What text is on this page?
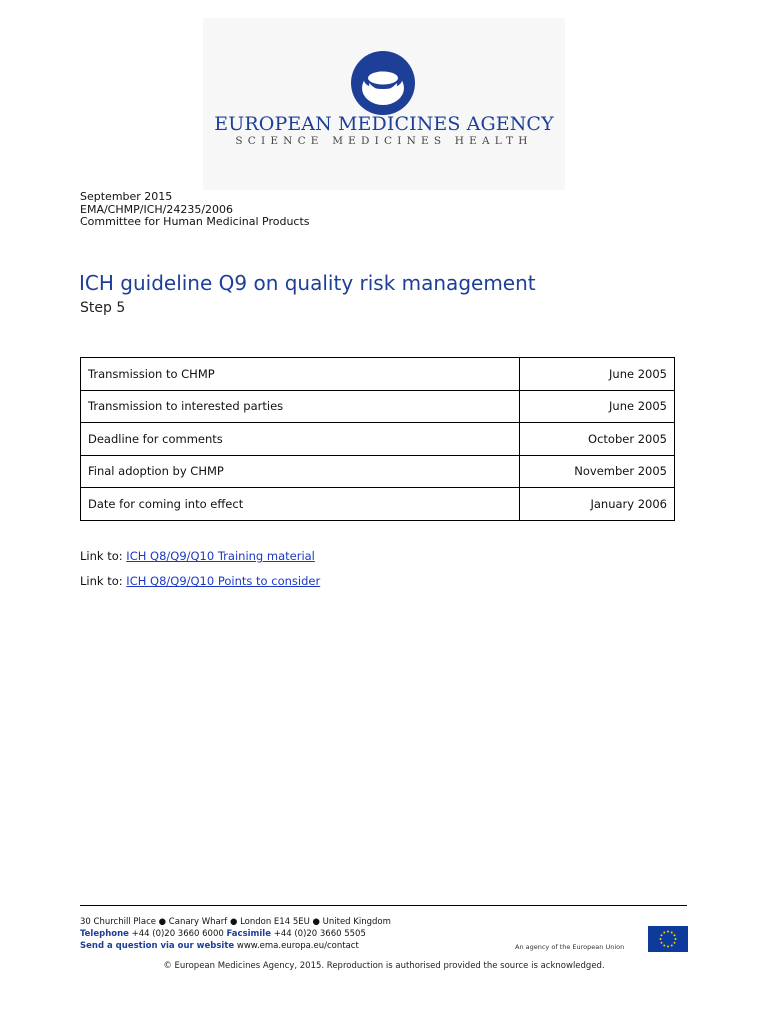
EUROPEAN MEDICINES AGENCY
SCIENCE MEDICINES HEALTH
September 2015
EMA/CHMP/ICH/24235/2006
Committee for Human Medicinal Products
ICH guideline Q9 on quality risk management
Step 5
Transmission to CHMP	June 2005
Transmission to interested parties	June 2005
Deadline for comments	October 2005
Final adoption by CHMP	November 2005
Date for coming into effect	January 2006
Link to: ICH Q8/Q9/Q10 Training material
Link to: ICH Q8/Q9/Q10 Points to consider
30 Churchill Place ● Canary Wharf ● London E14 5EU ● United Kingdom
Telephone +44 (0)20 3660 6000 Facsimile +44 (0)20 3660 5505
Send a question via our website www.ema.europa.eu/contact	An agency of the European Union
© European Medicines Agency, 2015. Reproduction is authorised provided the source is acknowledged.
